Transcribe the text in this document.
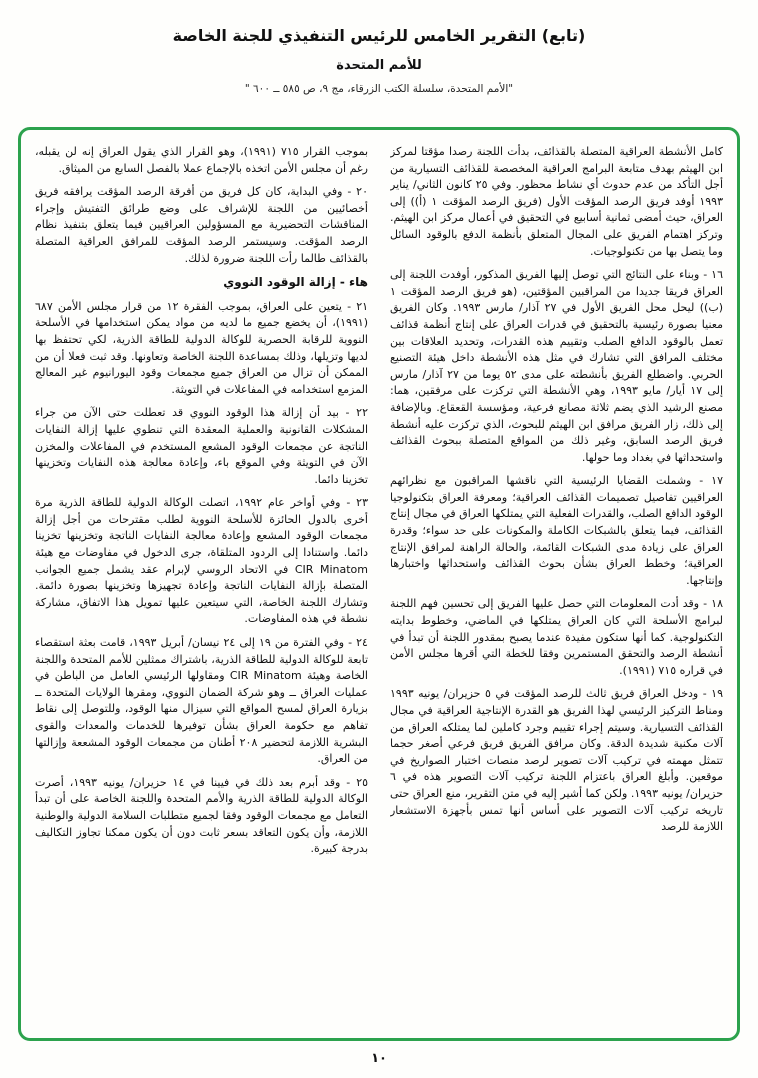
(تابع) التقرير الخامس للرئيس التنفيذي للجنة الخاصة
للأمم المتحدة
"الأمم المتحدة، سلسلة الكتب الزرقاء، مج ٩، ص ٥٨٥ ــ ٦٠٠ "

كامل الأنشطة العراقية المتصلة بالقذائف، بدأت اللجنة رصدا مؤقتا لمركز ابن الهيثم بهدف متابعة البرامج العراقية المخصصة للقذائف التسيارية من أجل التأكد من عدم حدوث أي نشاط محظور. وفي ٢٥ كانون الثاني/ يناير ١٩٩٣ أوفد فريق الرصد المؤقت الأول (فريق الرصد المؤقت ١ (أ)) إلى العراق، حيث أمضى ثمانية أسابيع في التحقيق في أعمال مركز ابن الهيثم. وتركز اهتمام الفريق على المجال المتعلق بأنظمة الدفع بالوقود السائل وما يتصل بها من تكنولوجيات.

١٦ - وبناء على النتائج التي توصل إليها الفريق المذكور، أوفدت اللجنة إلى العراق فريقا جديدا من المراقبين المؤقتين، (هو فريق الرصد المؤقت ١ (ب)) ليحل محل الفريق الأول في ٢٧ آذار/ مارس ١٩٩٣. وكان الفريق معنيا بصورة رئيسية بالتحقيق في قدرات العراق على إنتاج أنظمة قذائف تعمل بالوقود الدافع الصلب وتقييم هذه القدرات، وتحديد العلاقات بين مختلف المرافق التي تشارك في مثل هذه الأنشطة داخل هيئة التصنيع الحربي. واضطلع الفريق بأنشطته على مدى ٥٢ يوما من ٢٧ آذار/ مارس إلى ١٧ أيار/ مايو ١٩٩٣، وهي الأنشطة التي تركزت على مرفقين، هما: مصنع الرشيد الذي يضم ثلاثة مصانع فرعية، ومؤسسة القعقاع. وبالإضافة إلى ذلك، زار الفريق مرافق ابن الهيثم للبحوث، الذي تركزت عليه أنشطة فريق الرصد السابق، وغير ذلك من المواقع المتصلة ببحوث القذائف واستحداثها في بغداد وما حولها.

١٧ - وشملت القضايا الرئيسية التي ناقشها المراقبون مع نظرائهم العراقيين تفاصيل تصميمات القذائف العراقية؛ ومعرفة العراق بتكنولوجيا الوقود الدافع الصلب، والقدرات الفعلية التي يمتلكها العراق في مجال إنتاج القذائف، فيما يتعلق بالشبكات الكاملة والمكونات على حد سواء؛ وقدرة العراق على زيادة مدى الشبكات القائمة، والحالة الراهنة لمرافق الإنتاج العراقية؛ وخطط العراق بشأن بحوث القذائف واستحداثها واختبارها وإنتاجها.

١٨ - وقد أدت المعلومات التي حصل عليها الفريق إلى تحسين فهم اللجنة لبرامج الأسلحة التي كان العراق يمتلكها في الماضي، وخطوط بدايته التكنولوجية. كما أنها ستكون مفيدة عندما يصبح بمقدور اللجنة أن تبدأ في أنشطة الرصد والتحقق المستمرين وفقا للخطة التي أقرها مجلس الأمن في قراره ٧١٥ (١٩٩١).

١٩ - ودخل العراق فريق ثالث للرصد المؤقت في ٥ حزيران/ يونيه ١٩٩٣ ومناط التركيز الرئيسي لهذا الفريق هو القدرة الإنتاجية العراقية في مجال القذائف التسيارية. وسيتم إجراء تقييم وجرد كاملين لما يمتلكه العراق من آلات مكنية شديدة الدقة. وكان مرافق الفريق فريق فرعي أصغر حجما تتمثل مهمته في تركيب آلات تصوير لرصد منصات اختبار الصواريخ في موقعين. وأبلغ العراق باعتزام اللجنة تركيب آلات التصوير هذه في ٦ حزيران/ يونيه ١٩٩٣. ولكن كما أشير إليه في متن التقرير، منع العراق حتى تاريخه تركيب آلات التصوير على أساس أنها تمس بأجهزة الاستشعار اللازمة للرصد

بموجب القرار ٧١٥ (١٩٩١)، وهو القرار الذي يقول العراق إنه لن يقبله، رغم أن مجلس الأمن اتخذه بالإجماع عملا بالفصل السابع من الميثاق.

٢٠ - وفي البداية، كان كل فريق من أفرقة الرصد المؤقت يرافقه فريق أخصائيين من اللجنة للإشراف على وضع طرائق التفتيش وإجراء المناقشات التحضيرية مع المسؤولين العراقيين فيما يتعلق بتنفيذ نظام الرصد المؤقت. وسيستمر الرصد المؤقت للمرافق العراقية المتصلة بالقذائف طالما رأت اللجنة ضرورة لذلك.

هاء - إزالة الوقود النووي

٢١ - يتعين على العراق، بموجب الفقرة ١٢ من قرار مجلس الأمن ٦٨٧ (١٩٩١)، أن يخضع جميع ما لديه من مواد يمكن استخدامها في الأسلحة النووية للرقابة الحصرية للوكالة الدولية للطاقة الذرية، لكي تحتفظ بها لديها وتزيلها، وذلك بمساعدة اللجنة الخاصة وتعاونها. وقد ثبت فعلا أن من الممكن أن تزال من العراق جميع مجمعات وقود اليورانيوم غير المعالج المزمع استخدامه في المفاعلات في التويثة.

٢٢ - بيد أن إزالة هذا الوقود النووي قد تعطلت حتى الآن من جراء المشكلات القانونية والعملية المعقدة التي تنطوي عليها إزالة النفايات الناتجة عن مجمعات الوقود المشعع المستخدم في المفاعلات والمخزن الآن في التويثة وفي الموقع باء، وإعادة معالجة هذه النفايات وتخزينها تخزينا دائما.

٢٣ - وفي أواخر عام ١٩٩٢، اتصلت الوكالة الدولية للطاقة الذرية مرة أخرى بالدول الحائزة للأسلحة النووية لطلب مقترحات من أجل إزالة مجمعات الوقود المشعع وإعادة معالجة النفايات الناتجة وتخزينها تخزينا دائما. واستنادا إلى الردود المتلقاة، جرى الدخول في مفاوضات مع هيئة CIR Minatom في الاتحاد الروسي لإبرام عقد يشمل جميع الجوانب المتصلة بإزالة النفايات الناتجة وإعادة تجهيزها وتخزينها بصورة دائمة. وتشارك اللجنة الخاصة، التي سيتعين عليها تمويل هذا الاتفاق، مشاركة نشطة في هذه المفاوضات.

٢٤ - وفي الفترة من ١٩ إلى ٢٤ نيسان/ أبريل ١٩٩٣، قامت بعثة استقصاء تابعة للوكالة الدولية للطاقة الذرية، باشتراك ممثلين للأمم المتحدة واللجنة الخاصة وهيئة CIR Minatom ومقاولها الرئيسي العامل من الباطن في عمليات العراق ــ وهو شركة الضمان النووي، ومقرها الولايات المتحدة ــ بزيارة العراق لمسح المواقع التي سيزال منها الوقود، وللتوصل إلى نقاط تفاهم مع حكومة العراق بشأن توفيرها للخدمات والمعدات والقوى البشرية اللازمة لتحضير ٢٠٨ أطنان من مجمعات الوقود المشععة وإزالتها من العراق.

٢٥ - وقد أبرم بعد ذلك في فيينا في ١٤ حزيران/ يونيه ١٩٩٣، أصرت الوكالة الدولية للطاقة الذرية والأمم المتحدة واللجنة الخاصة على أن تبدأ التعامل مع مجمعات الوقود وفقا لجميع متطلبات السلامة الدولية والوطنية اللازمة، وأن يكون التعاقد بسعر ثابت دون أن يكون ممكنا تجاوز التكاليف بدرجة كبيرة.

١٠
